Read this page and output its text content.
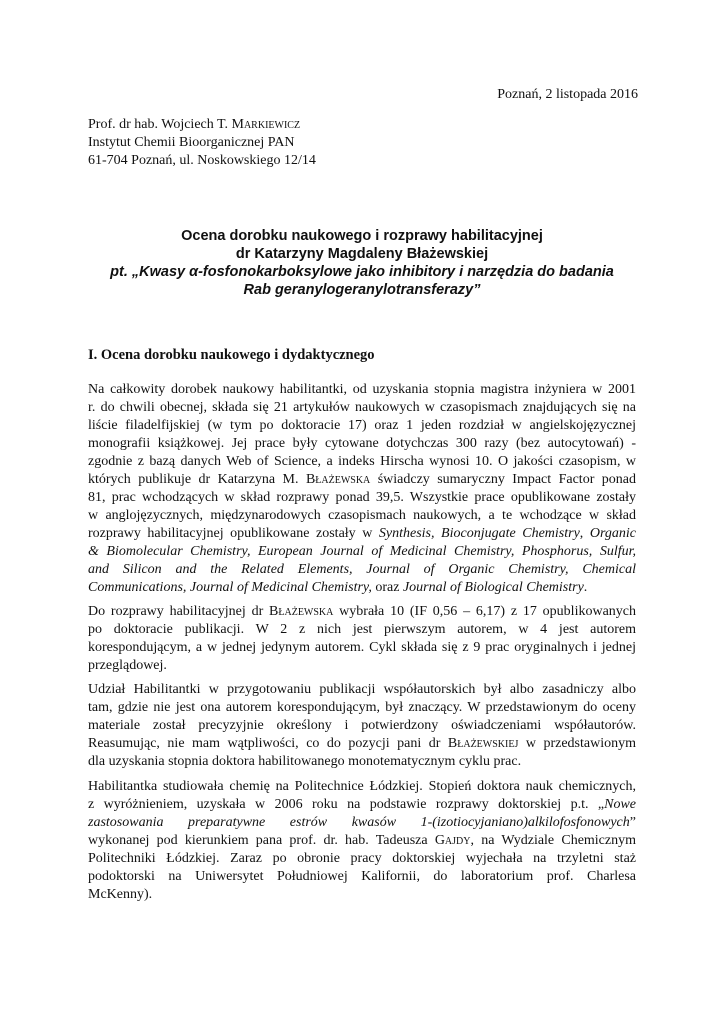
Poznań, 2 listopada 2016
Prof. dr hab. Wojciech T. Markiewicz
Instytut Chemii Bioorganicznej PAN
61-704 Poznań, ul. Noskowskiego 12/14
Ocena dorobku naukowego i rozprawy habilitacyjnej
dr Katarzyny Magdaleny Błażewskiej
pt. „Kwasy α-fosfonokarboksylowe jako inhibitory i narzędzia do badania
Rab geranylogeranylotransferazy”
I. Ocena dorobku naukowego i dydaktycznego
Na całkowity dorobek naukowy habilitantki, od uzyskania stopnia magistra inżyniera w 2001
r. do chwili obecnej, składa się 21 artykułów naukowych w czasopismach znajdujących się na
liście filadelfijskiej (w tym po doktoracie 17) oraz 1 jeden rozdział w angielskojęzycznej
monografii książkowej. Jej prace były cytowane dotychczas 300 razy (bez autocytowań) -
zgodnie z bazą danych Web of Science, a indeks Hirscha wynosi 10. O jakości czasopism, w
których publikuje dr Katarzyna M. Błażewska świadczy sumaryczny Impact Factor ponad
81, prac wchodzących w skład rozprawy ponad 39,5. Wszystkie prace opublikowane zostały
w anglojęzycznych, międzynarodowych czasopismach naukowych, a te wchodzące w skład
rozprawy habilitacyjnej opublikowane zostały w Synthesis, Bioconjugate Chemistry, Organic
& Biomolecular Chemistry, European Journal of Medicinal Chemistry, Phosphorus, Sulfur,
and Silicon and the Related Elements, Journal of Organic Chemistry, Chemical
Communications, Journal of Medicinal Chemistry, oraz Journal of Biological Chemistry.
Do rozprawy habilitacyjnej dr Błażewska wybrała 10 (IF 0,56 – 6,17) z 17 opublikowanych
po doktoracie publikacji. W 2 z nich jest pierwszym autorem, w 4 jest autorem
korespondującym, a w jednej jedynym autorem. Cykl składa się z 9 prac oryginalnych i jednej
przeglądowej.
Udział Habilitantki w przygotowaniu publikacji współautorskich był albo zasadniczy albo
tam, gdzie nie jest ona autorem korespondującym, był znaczący. W przedstawionym do oceny
materiale został precyzyjnie określony i potwierdzony oświadczeniami współautorów.
Reasumując, nie mam wątpliwości, co do pozycji pani dr Błażewskiej w przedstawionym
dla uzyskania stopnia doktora habilitowanego monotematycznym cyklu prac.
Habilitantka studiowała chemię na Politechnice Łódzkiej. Stopień doktora nauk chemicznych,
z wyróżnieniem, uzyskała w 2006 roku na podstawie rozprawy doktorskiej p.t. „Nowe
zastosowania preparatywne estrów kwasów 1-(izotiocyjaniano)alkilofosfonowych”
wykonanej pod kierunkiem pana prof. dr. hab. Tadeusza Gajdy, na Wydziale Chemicznym
Politechniki Łódzkiej. Zaraz po obronie pracy doktorskiej wyjechała na trzyletni staż
podoktorski na Uniwersytet Południowej Kalifornii, do laboratorium prof. Charlesa
McKenny).
